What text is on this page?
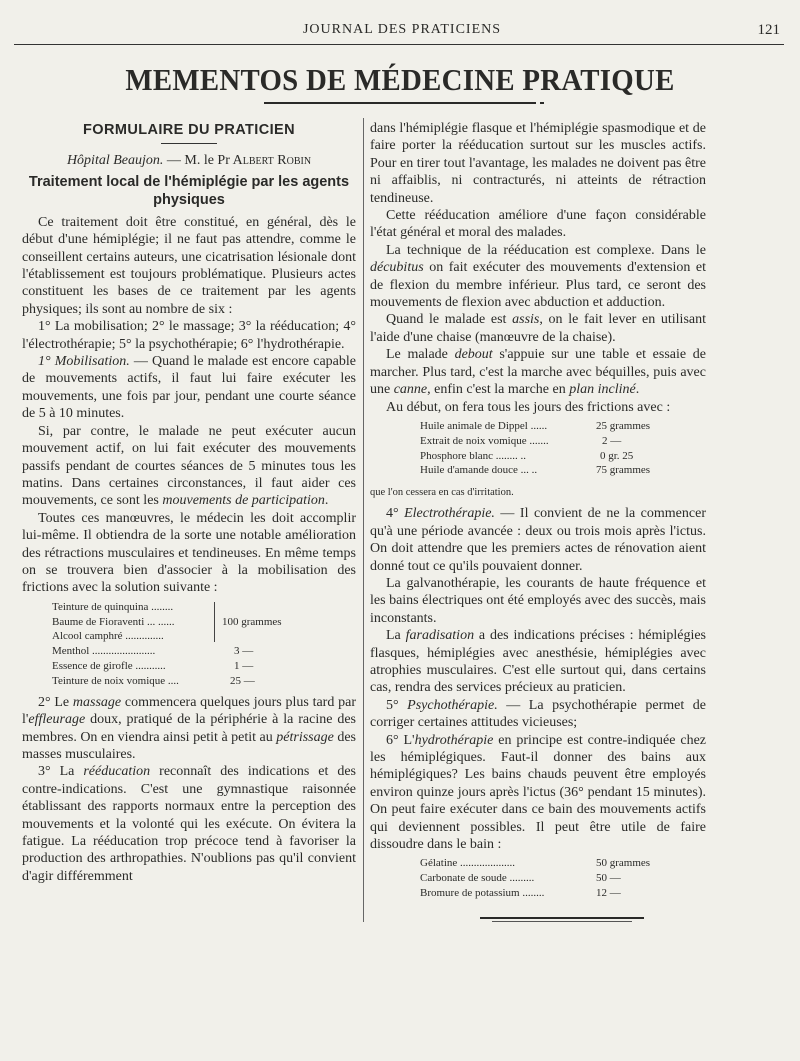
JOURNAL DES PRATICIENS	121
MEMENTOS DE MÉDECINE PRATIQUE
FORMULAIRE DU PRATICIEN
Hôpital Beaujon. — M. le Pr Albert Robin
Traitement local de l'hémiplégie par les agents physiques

Ce traitement doit être constitué, en général, dès le début d'une hémiplégie; il ne faut pas attendre, comme le conseillent certains auteurs, une cicatrisation lésionale dont l'établissement est toujours problématique. Plusieurs actes constituent les bases de ce traitement par les agents physiques; ils sont au nombre de six :

1° La mobilisation; 2° le massage; 3° la rééducation; 4° l'électrothérapie; 5° la psychothérapie; 6° l'hydrothérapie.

1° Mobilisation. — Quand le malade est encore capable de mouvements actifs, il faut lui faire exécuter les mouvements, une fois par jour, pendant une courte séance de 5 à 10 minutes.

Si, par contre, le malade ne peut exécuter aucun mouvement actif, on lui fait exécuter des mouvements passifs pendant de courtes séances de 5 minutes tous les matins. Dans certaines circonstances, il faut aider ces mouvements, ce sont les mouvements de participation.

Toutes ces manœuvres, le médecin les doit accomplir lui-même. Il obtiendra de la sorte une notable amélioration des rétractions musculaires et tendineuses. En même temps on se trouvera bien d'associer à la mobilisation des frictions avec la solution suivante :

Teinture de quinquina ........
Baume de Fioraventi ... ......	100 grammes
Alcool camphré ..............
Menthol .......................	3 —
Essence de girofle ...........	1 —
Teinture de noix vomique ....	25 —

2° Le massage commencera quelques jours plus tard par l'effleurage doux, pratiqué de la périphérie à la racine des membres. On en viendra ainsi petit à petit au pétrissage des masses musculaires.

3° La rééducation reconnaît des indications et des contre-indications. C'est une gymnastique raisonnée établissant des rapports normaux entre la perception des mouvements et la volonté qui les exécute. On évitera la fatigue. La rééducation trop précoce tend à favoriser la production des arthropathies. N'oublions pas qu'il convient d'agir différemment

dans l'hémiplégie flasque et l'hémiplégie spasmodique et de faire porter la rééducation surtout sur les muscles actifs. Pour en tirer tout l'avantage, les malades ne doivent pas être ni affaiblis, ni contracturés, ni atteints de rétraction tendineuse.

Cette rééducation améliore d'une façon considérable l'état général et moral des malades.

La technique de la rééducation est complexe. Dans le décubitus on fait exécuter des mouvements d'extension et de flexion du membre inférieur. Plus tard, ce seront des mouvements de flexion avec abduction et adduction.

Quand le malade est assis, on le fait lever en utilisant l'aide d'une chaise (manœuvre de la chaise).

Le malade debout s'appuie sur une table et essaie de marcher. Plus tard, c'est la marche avec béquilles, puis avec une canne, enfin c'est la marche en plan incliné.

Au début, on fera tous les jours des frictions avec :

Huile animale de Dippel ......	25 grammes
Extrait de noix vomique .......	2 —
Phosphore blanc ........ ..	0 gr. 25
Huile d'amande douce ... ..	75 grammes
que l'on cessera en cas d'irritation.

4° Electrothérapie. — Il convient de ne la commencer qu'à une période avancée : deux ou trois mois après l'ictus. On doit attendre que les premiers actes de rénovation aient donné tout ce qu'ils pouvaient donner.

La galvanothérapie, les courants de haute fréquence et les bains électriques ont été employés avec des succès, mais inconstants.

La faradisation a des indications précises : hémiplégies flasques, hémiplégies avec anesthésie, hémiplégies avec atrophies musculaires. C'est elle surtout qui, dans certains cas, rendra des services précieux au praticien.

5° Psychothérapie. — La psychothérapie permet de corriger certaines attitudes vicieuses;

6° L'hydrothérapie en principe est contre-indiquée chez les hémiplégiques. Faut-il donner des bains aux hémiplégiques? Les bains chauds peuvent être employés environ quinze jours après l'ictus (36° pendant 15 minutes). On peut faire exécuter dans ce bain des mouvements actifs qui deviennent possibles. Il peut être utile de faire dissoudre dans le bain :

Gélatine ....................	50 grammes
Carbonate de soude .........	50 —
Bromure de potassium ........	12 —
